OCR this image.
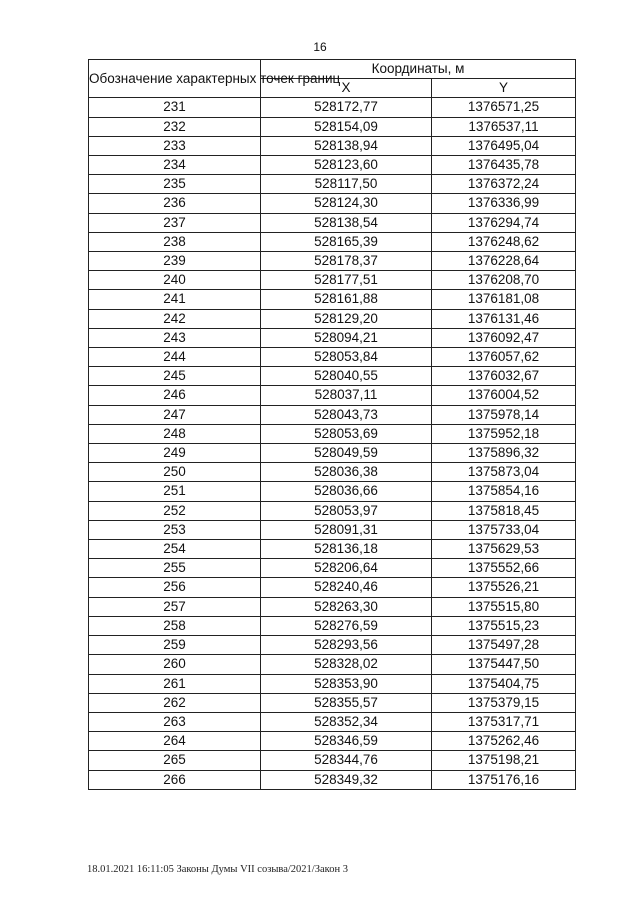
16
Обозначение характерных точек границ	Координаты, м	
	X	Y
231	528172,77	1376571,25
232	528154,09	1376537,11
233	528138,94	1376495,04
234	528123,60	1376435,78
235	528117,50	1376372,24
236	528124,30	1376336,99
237	528138,54	1376294,74
238	528165,39	1376248,62
239	528178,37	1376228,64
240	528177,51	1376208,70
241	528161,88	1376181,08
242	528129,20	1376131,46
243	528094,21	1376092,47
244	528053,84	1376057,62
245	528040,55	1376032,67
246	528037,11	1376004,52
247	528043,73	1375978,14
248	528053,69	1375952,18
249	528049,59	1375896,32
250	528036,38	1375873,04
251	528036,66	1375854,16
252	528053,97	1375818,45
253	528091,31	1375733,04
254	528136,18	1375629,53
255	528206,64	1375552,66
256	528240,46	1375526,21
257	528263,30	1375515,80
258	528276,59	1375515,23
259	528293,56	1375497,28
260	528328,02	1375447,50
261	528353,90	1375404,75
262	528355,57	1375379,15
263	528352,34	1375317,71
264	528346,59	1375262,46
265	528344,76	1375198,21
266	528349,32	1375176,16
18.01.2021 16:11:05 Законы Думы VII созыва/2021/Закон 3
